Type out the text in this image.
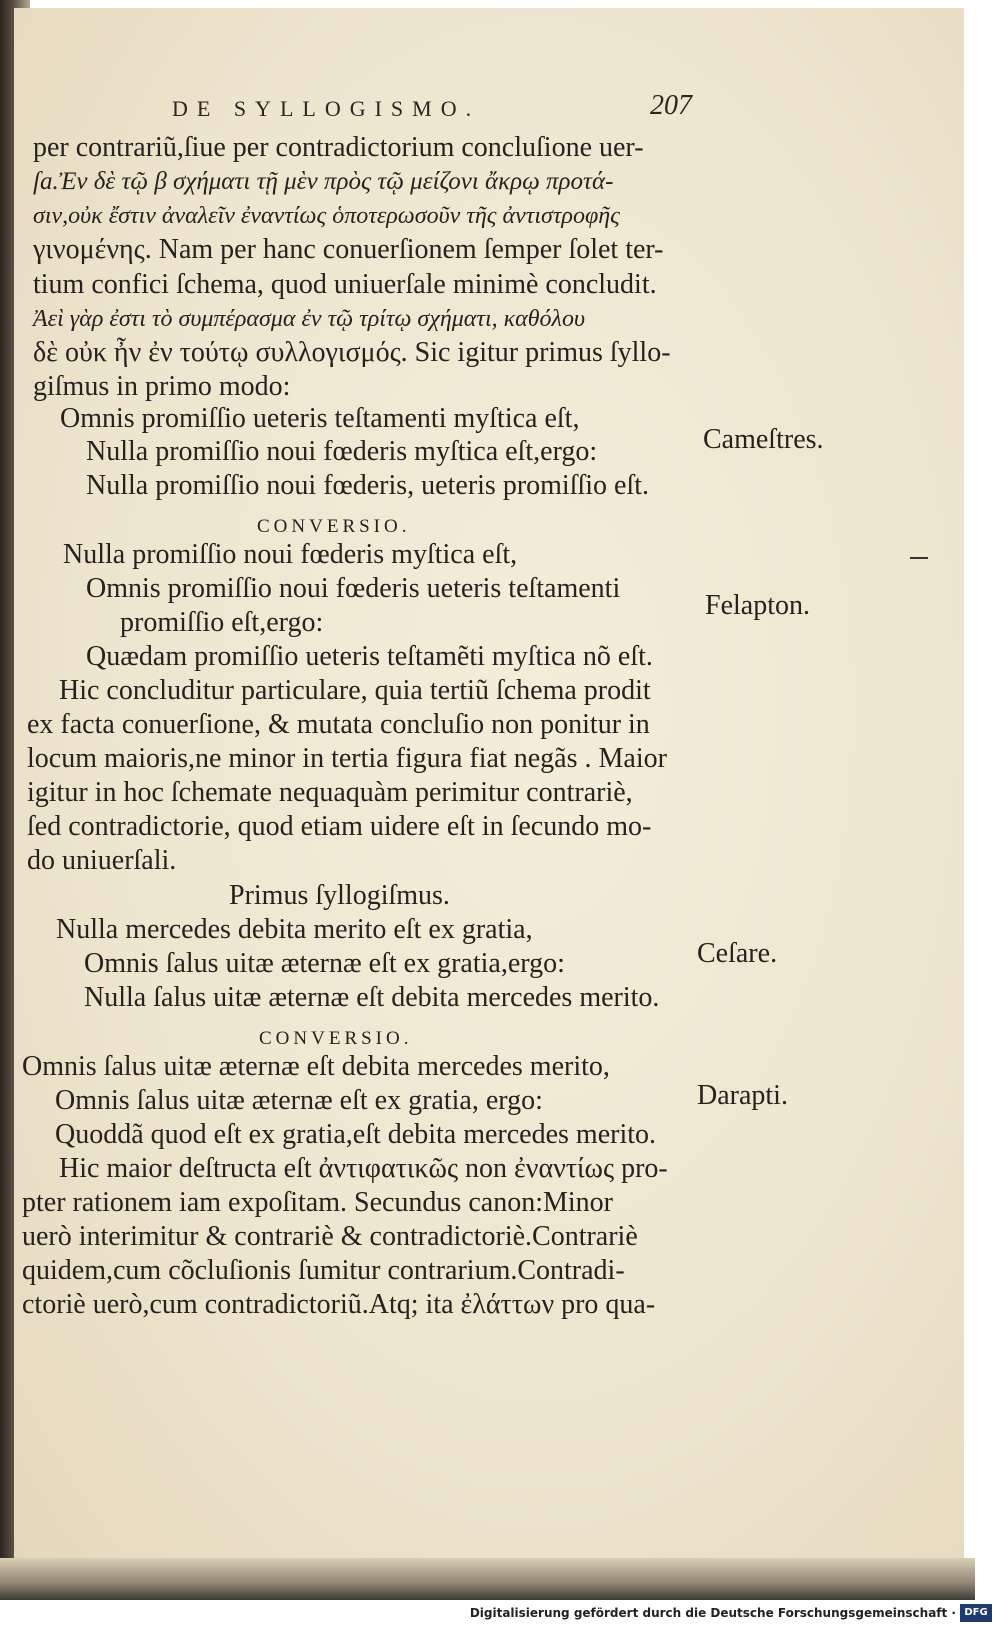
DE SYLLOGISMO.	207
per contrariũ,ſiue per contradictorium concluſione uer-
ſa.Ἐν δὲ τῷ β σχήματι τῇ μὲν πρὸς τῷ μείζονι ἄκρῳ προτά-
σιν,οὐκ ἔστιν ἀναλεῖν ἐναντίως ὁποτερωσοῦν τῆς ἀντιστροφῆς
γινομένης. Nam per hanc conuerſionem ſemper ſolet ter-
tium confici ſchema, quod uniuerſale minimè concludit.
Ἀεὶ γὰρ ἐστι τὸ συμπέρασμα ἐν τῷ τρίτῳ σχήματι, καθόλου
δὲ οὐκ ἦν ἐν τούτῳ συλλογισμός. Sic igitur primus ſyllo-
giſmus in primo modo:
Omnis promiſſio ueteris teſtamenti myſtica eſt,
Nulla promiſſio noui fœderis myſtica eſt,ergo:
Nulla promiſſio noui fœderis, ueteris promiſſio eſt.
CONVERSIO.
Nulla promiſſio noui fœderis myſtica eſt,
Omnis promiſſio noui fœderis ueteris teſtamenti
promiſſio eſt,ergo:
Quædam promiſſio ueteris teſtamẽti myſtica nõ eſt.
Hic concluditur particulare, quia tertiũ ſchema prodit
ex facta conuerſione, & mutata concluſio non ponitur in
locum maioris,ne minor in tertia figura fiat negãs . Maior
igitur in hoc ſchemate nequaquàm perimitur contrariè,
ſed contradictorie, quod etiam uidere eſt in ſecundo mo-
do uniuerſali.
Primus ſyllogiſmus.
Nulla mercedes debita merito eſt ex gratia,
Omnis ſalus uitæ æternæ eſt ex gratia,ergo:
Nulla ſalus uitæ æternæ eſt debita mercedes merito.
CONVERSIO.
Omnis ſalus uitæ æternæ eſt debita mercedes merito,
Omnis ſalus uitæ æternæ eſt ex gratia, ergo:
Quoddã quod eſt ex gratia,eſt debita mercedes merito.
Hic maior deſtructa eſt ἀντιφατικῶς non ἐναντίως pro-
pter rationem iam expoſitam. Secundus canon:Minor
uerò interimitur & contrariè & contradictoriè.Contrariè
quidem,cum cõcluſionis ſumitur contrarium.Contradi-
ctoriè uerò,cum contradictoriũ.Atq; ita ἐλάττων pro qua-
Cameſtres.
Felapton.
Ceſare.
Darapti.
Digitalisierung gefördert durch die Deutsche Forschungsgemeinschaft · DFG
